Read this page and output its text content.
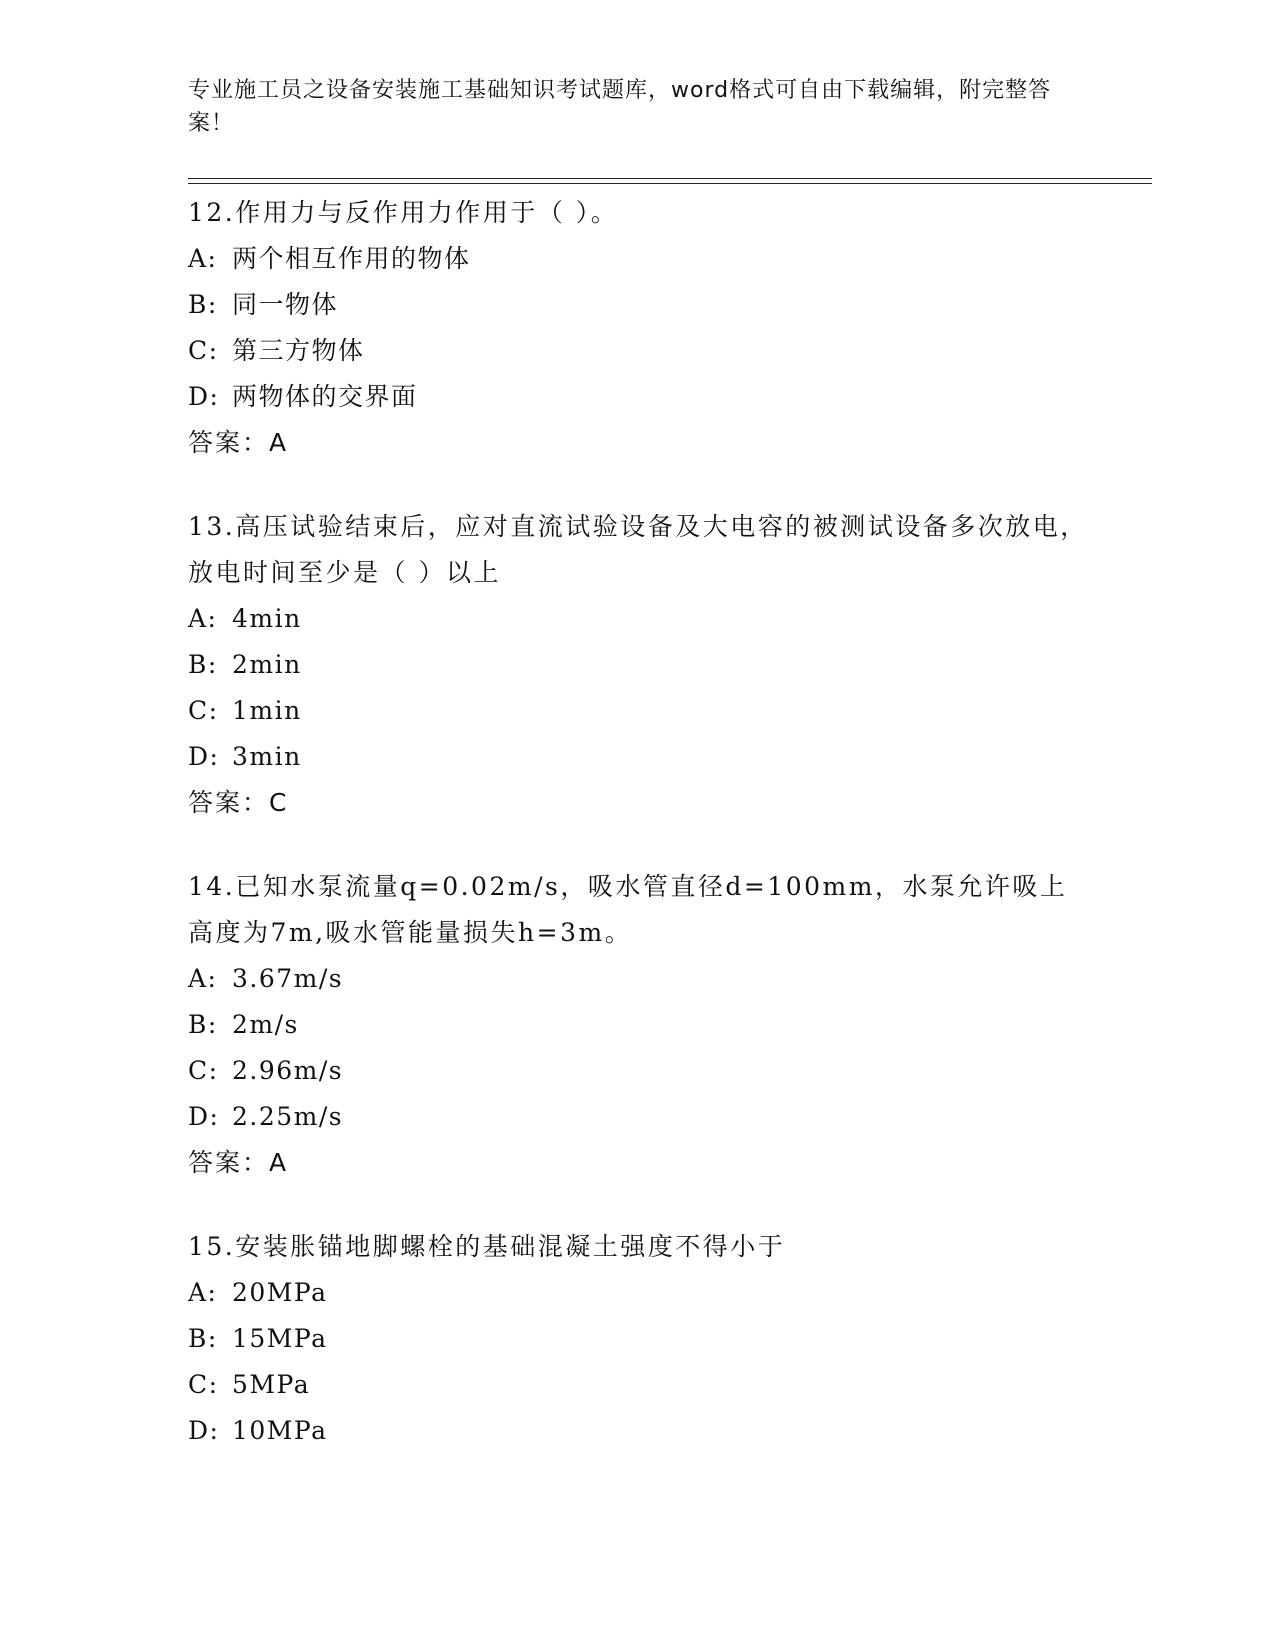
专业施工员之设备安装施工基础知识考试题库，word格式可自由下载编辑，附完整答案！

12.作用力与反作用力作用于（ ）。

A: 两个相互作用的物体

B: 同一物体

C: 第三方物体

D: 两物体的交界面

答案：A

13.高压试验结束后，应对直流试验设备及大电容的被测试设备多次放电，放电时间至少是（ ）以上

A: 4min

B: 2min

C: 1min

D: 3min

答案：C

14.已知水泵流量q=0.02m/s，吸水管直径d=100mm，水泵允许吸上高度为7m,吸水管能量损失h=3m。

A: 3.67m/s

B: 2m/s

C: 2.96m/s

D: 2.25m/s

答案：A

15.安装胀锚地脚螺栓的基础混凝土强度不得小于

A: 20MPa

B: 15MPa

C: 5MPa

D: 10MPa
